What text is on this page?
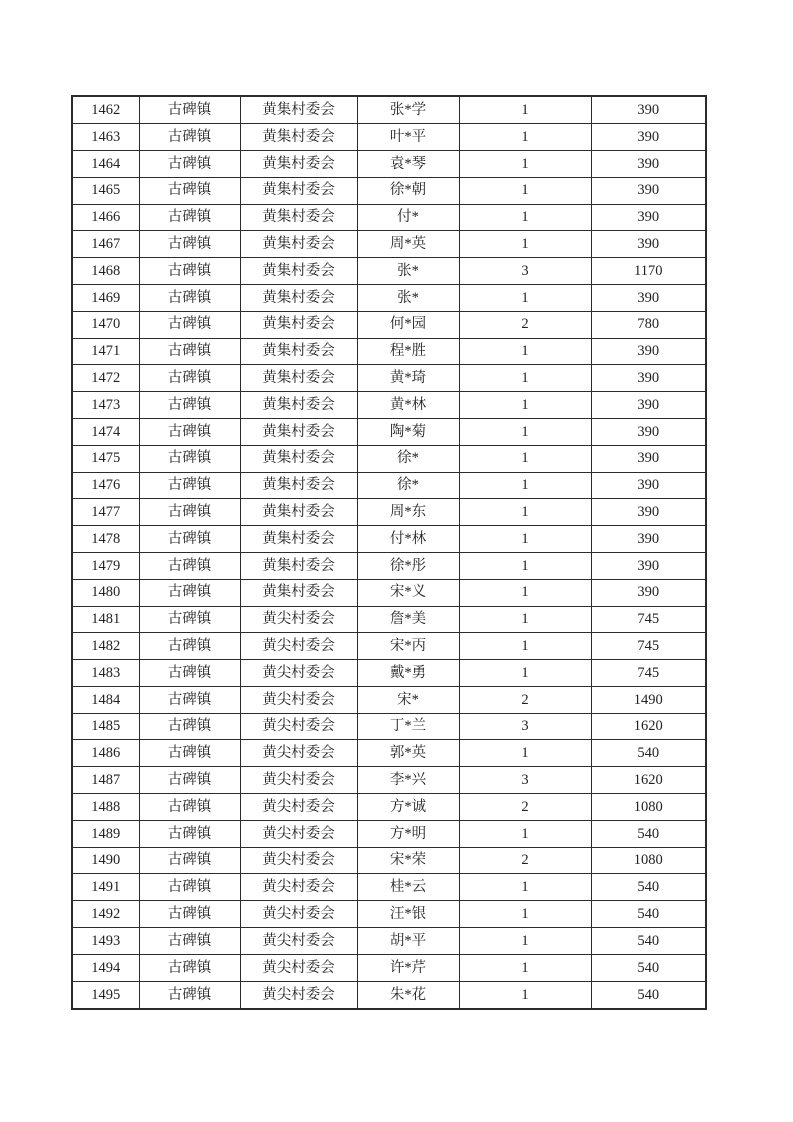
1462	古碑镇	黄集村委会	张*学	1	390
1463	古碑镇	黄集村委会	叶*平	1	390
1464	古碑镇	黄集村委会	袁*琴	1	390
1465	古碑镇	黄集村委会	徐*朝	1	390
1466	古碑镇	黄集村委会	付*	1	390
1467	古碑镇	黄集村委会	周*英	1	390
1468	古碑镇	黄集村委会	张*	3	1170
1469	古碑镇	黄集村委会	张*	1	390
1470	古碑镇	黄集村委会	何*园	2	780
1471	古碑镇	黄集村委会	程*胜	1	390
1472	古碑镇	黄集村委会	黄*琦	1	390
1473	古碑镇	黄集村委会	黄*林	1	390
1474	古碑镇	黄集村委会	陶*菊	1	390
1475	古碑镇	黄集村委会	徐*	1	390
1476	古碑镇	黄集村委会	徐*	1	390
1477	古碑镇	黄集村委会	周*东	1	390
1478	古碑镇	黄集村委会	付*林	1	390
1479	古碑镇	黄集村委会	徐*彤	1	390
1480	古碑镇	黄集村委会	宋*义	1	390
1481	古碑镇	黄尖村委会	詹*美	1	745
1482	古碑镇	黄尖村委会	宋*丙	1	745
1483	古碑镇	黄尖村委会	戴*勇	1	745
1484	古碑镇	黄尖村委会	宋*	2	1490
1485	古碑镇	黄尖村委会	丁*兰	3	1620
1486	古碑镇	黄尖村委会	郭*英	1	540
1487	古碑镇	黄尖村委会	李*兴	3	1620
1488	古碑镇	黄尖村委会	方*诚	2	1080
1489	古碑镇	黄尖村委会	方*明	1	540
1490	古碑镇	黄尖村委会	宋*荣	2	1080
1491	古碑镇	黄尖村委会	桂*云	1	540
1492	古碑镇	黄尖村委会	汪*银	1	540
1493	古碑镇	黄尖村委会	胡*平	1	540
1494	古碑镇	黄尖村委会	许*芹	1	540
1495	古碑镇	黄尖村委会	朱*花	1	540
